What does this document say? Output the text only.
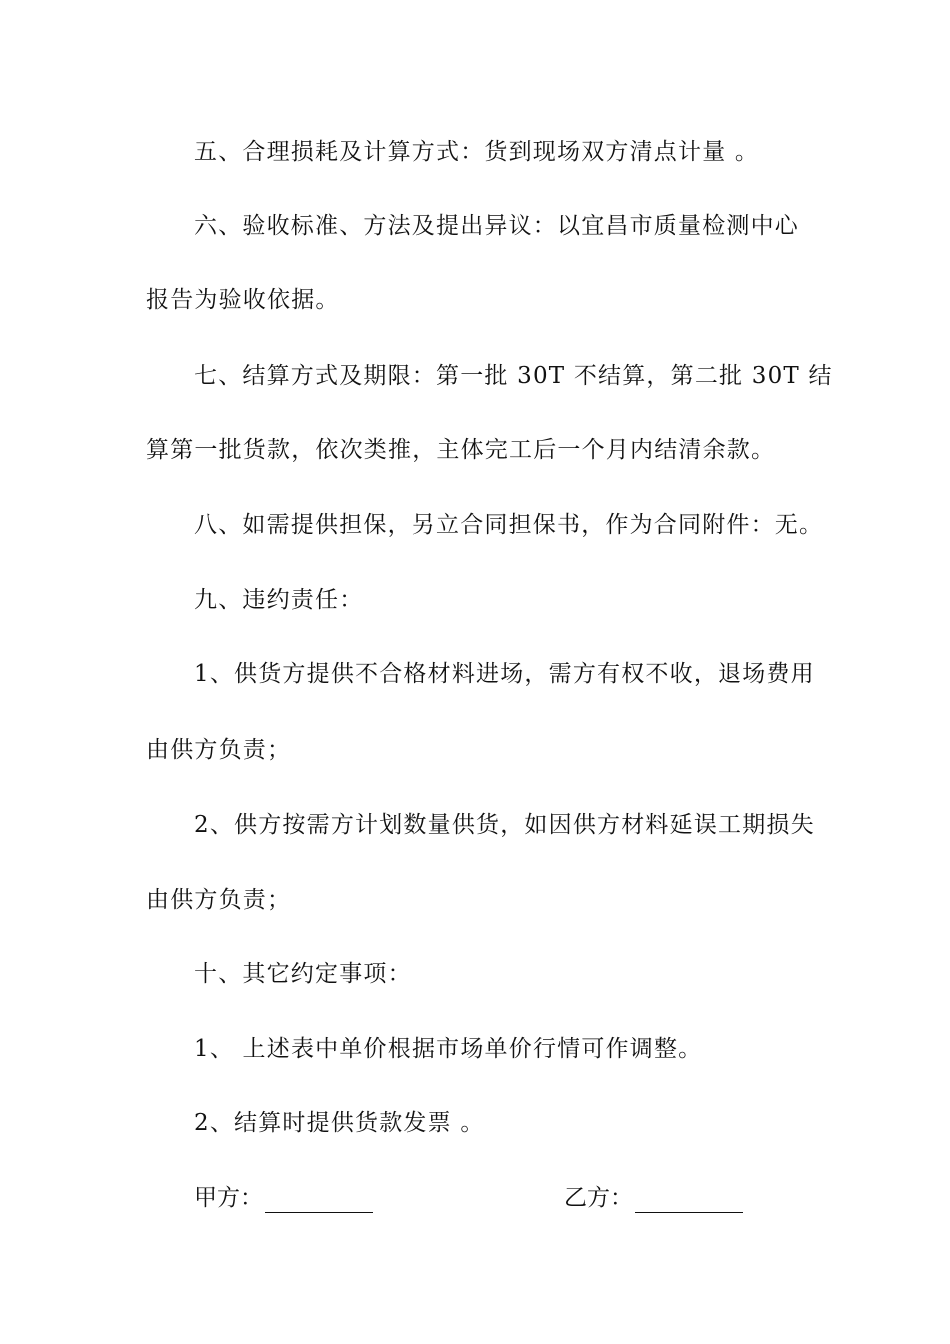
五、合理损耗及计算方式：货到现场双方清点计量 。
六、验收标准、方法及提出异议：以宜昌市质量检测中心
报告为验收依据。
七、结算方式及期限：第一批 30T 不结算，第二批 30T 结
算第一批货款，依次类推，主体完工后一个月内结清余款。
八、如需提供担保，另立合同担保书，作为合同附件：无。
九、违约责任：
1、供货方提供不合格材料进场，需方有权不收，退场费用
由供方负责；
2、供方按需方计划数量供货，如因供方材料延误工期损失
由供方负责；
十、其它约定事项：
1、 上述表中单价根据市场单价行情可作调整。
2、结算时提供货款发票 。
甲方：	乙方：
